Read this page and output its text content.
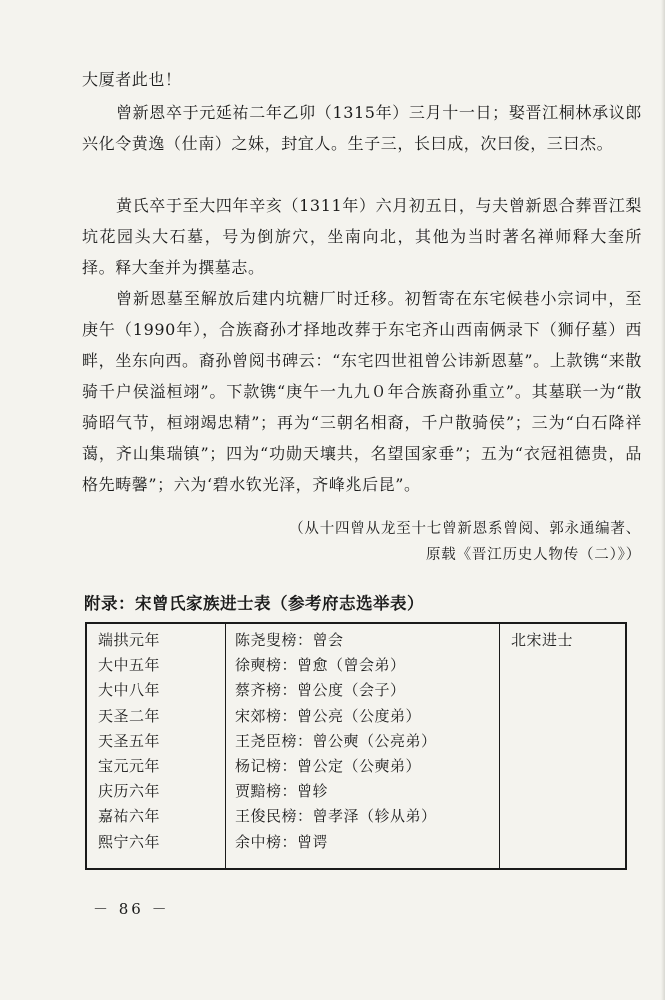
大厦者此也！

曾新恩卒于元延祐二年乙卯（1315年）三月十一日；娶晋江桐林承议郎兴化令黄逸（仕南）之妹，封宜人。生子三，长曰成，次曰俊，三曰杰。

黄氏卒于至大四年辛亥（1311年）六月初五日，与夫曾新恩合葬晋江梨坑花园头大石墓，号为倒旂穴，坐南向北，其他为当时著名禅师释大奎所择。释大奎并为撰墓志。

曾新恩墓至解放后建内坑糖厂时迁移。初暂寄在东宅候巷小宗词中，至庚午（1990年），合族裔孙才择地改葬于东宅齐山西南俩录下（狮仔墓）西畔，坐东向西。裔孙曾阅书碑云：“东宅四世祖曾公讳新恩墓”。上款镌“来散骑千户侯溢桓翊”。下款镌“庚午一九九０年合族裔孙重立”。其墓联一为“散骑昭气节，桓翊竭忠精”；再为“三朝名相裔，千户散骑侯”；三为“白石降祥蔼，齐山集瑞镇”；四为“功勋天壤共，名望国家垂”；五为“衣冠祖德贵，品格先畴馨”；六为‘碧水钦光泽，齐峰兆后昆”。

（从十四曾从龙至十七曾新恩系曾阅、郭永通编著、
原载《晋江历史人物传（二）》）
附录：宋曾氏家族进士表（参考府志选举表）
端拱元年
大中五年
大中八年
天圣二年
天圣五年
宝元元年
庆历六年
嘉祐六年
熙宁六年
陈尧叟榜：曾会
徐奭榜：曾愈（曾会弟）
蔡齐榜：曾公度（会子）
宋郊榜：曾公亮（公度弟）
王尧臣榜：曾公奭（公亮弟）
杨记榜：曾公定（公奭弟）
贾黯榜：曾轸
王俊民榜：曾孝泽（轸从弟）
余中榜：曾谔
北宋进士
－ 86 －
